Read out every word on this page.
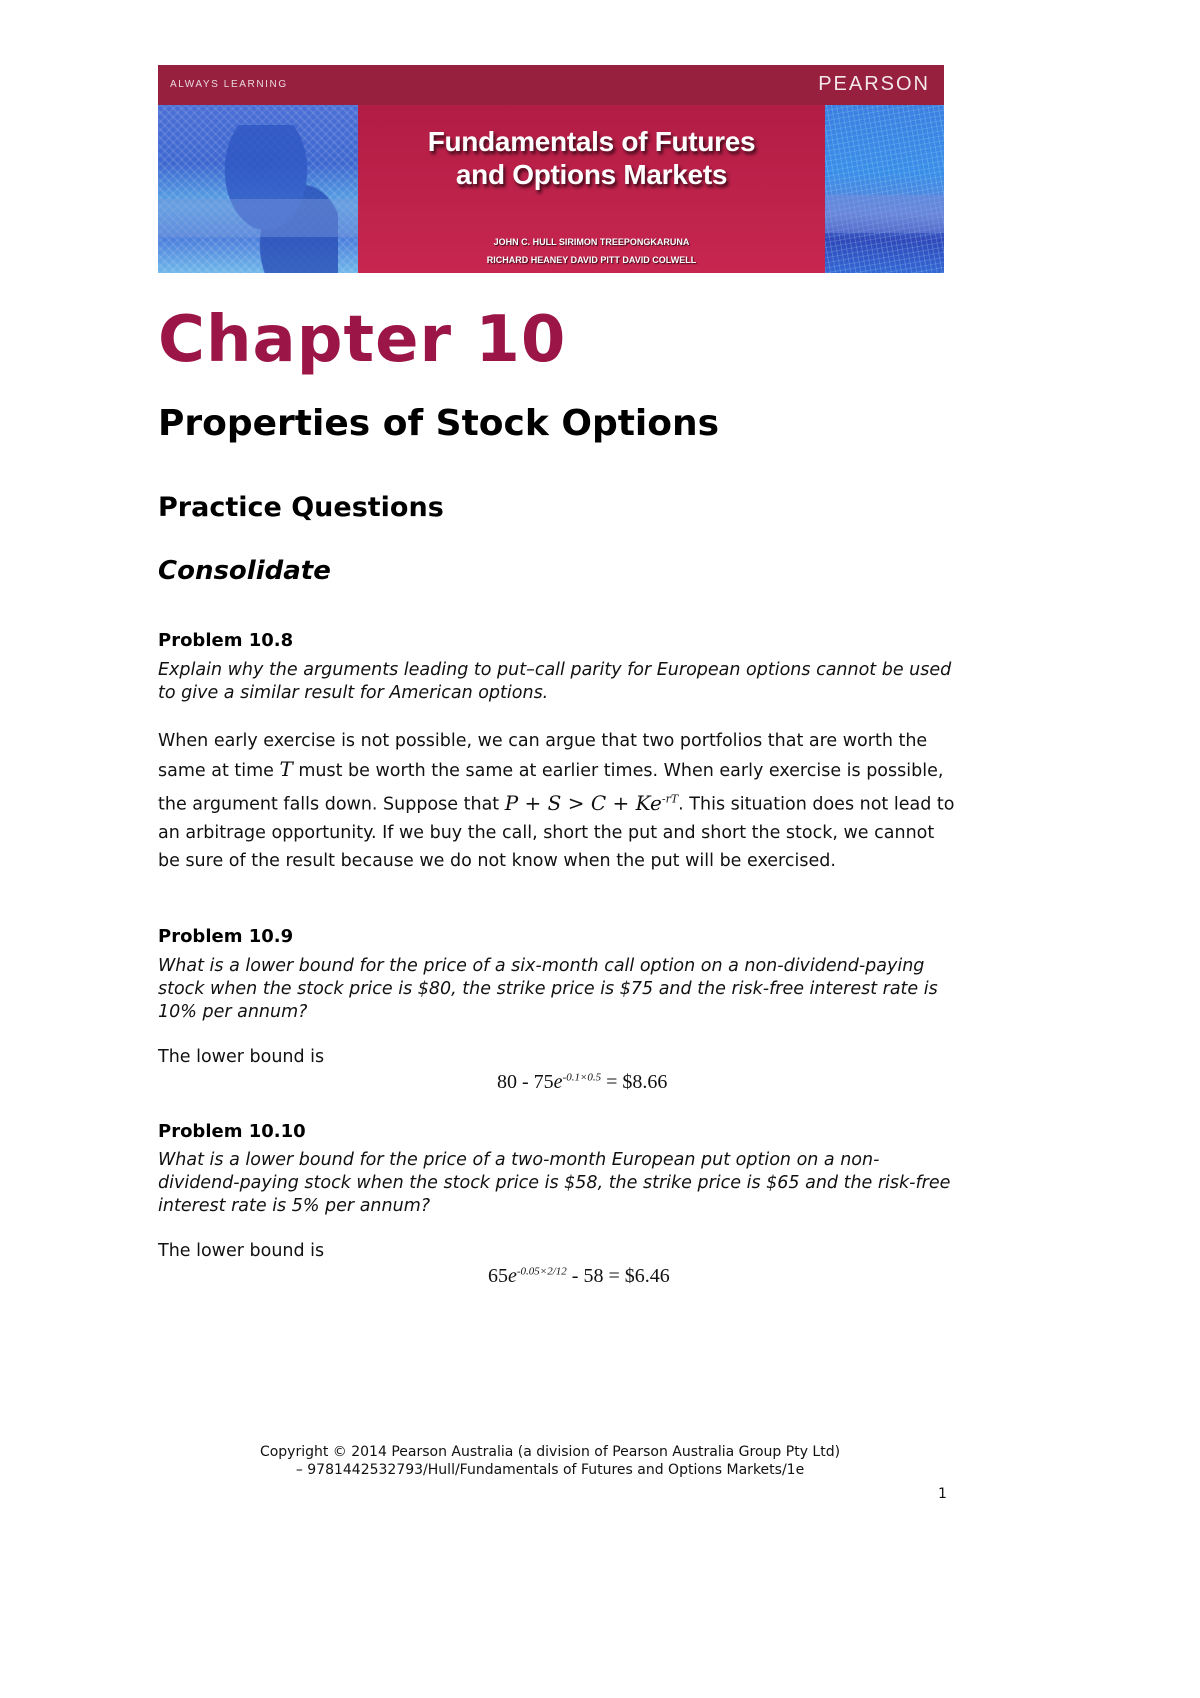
ALWAYS LEARNING	PEARSON
Fundamentals of Futures
and Options Markets
JOHN C. HULL SIRIMON TREEPONGKARUNA
RICHARD HEANEY DAVID PITT DAVID COLWELL
Chapter 10
Properties of Stock Options
Practice Questions
Consolidate
Problem 10.8
Explain why the arguments leading to put–call parity for European options cannot be used to give a similar result for American options.
When early exercise is not possible, we can argue that two portfolios that are worth the same at time T must be worth the same at earlier times. When early exercise is possible, the argument falls down. Suppose that $P + S > C + Ke^{-rT}$. This situation does not lead to an arbitrage opportunity. If we buy the call, short the put and short the stock, we cannot be sure of the result because we do not know when the put will be exercised.
Problem 10.9
What is a lower bound for the price of a six-month call option on a non-dividend-paying stock when the stock price is $80, the strike price is $75 and the risk-free interest rate is 10% per annum?
The lower bound is
$80 - 75e^{-0.1\times 0.5}$ = $8.66
Problem 10.10
What is a lower bound for the price of a two-month European put option on a non-dividend-paying stock when the stock price is $58, the strike price is $65 and the risk-free interest rate is 5% per annum?
The lower bound is
$65e^{-0.05\times 2/12} - 58$ = $6.46
Copyright © 2014 Pearson Australia (a division of Pearson Australia Group Pty Ltd)
– 9781442532793/Hull/Fundamentals of Futures and Options Markets/1e
1
